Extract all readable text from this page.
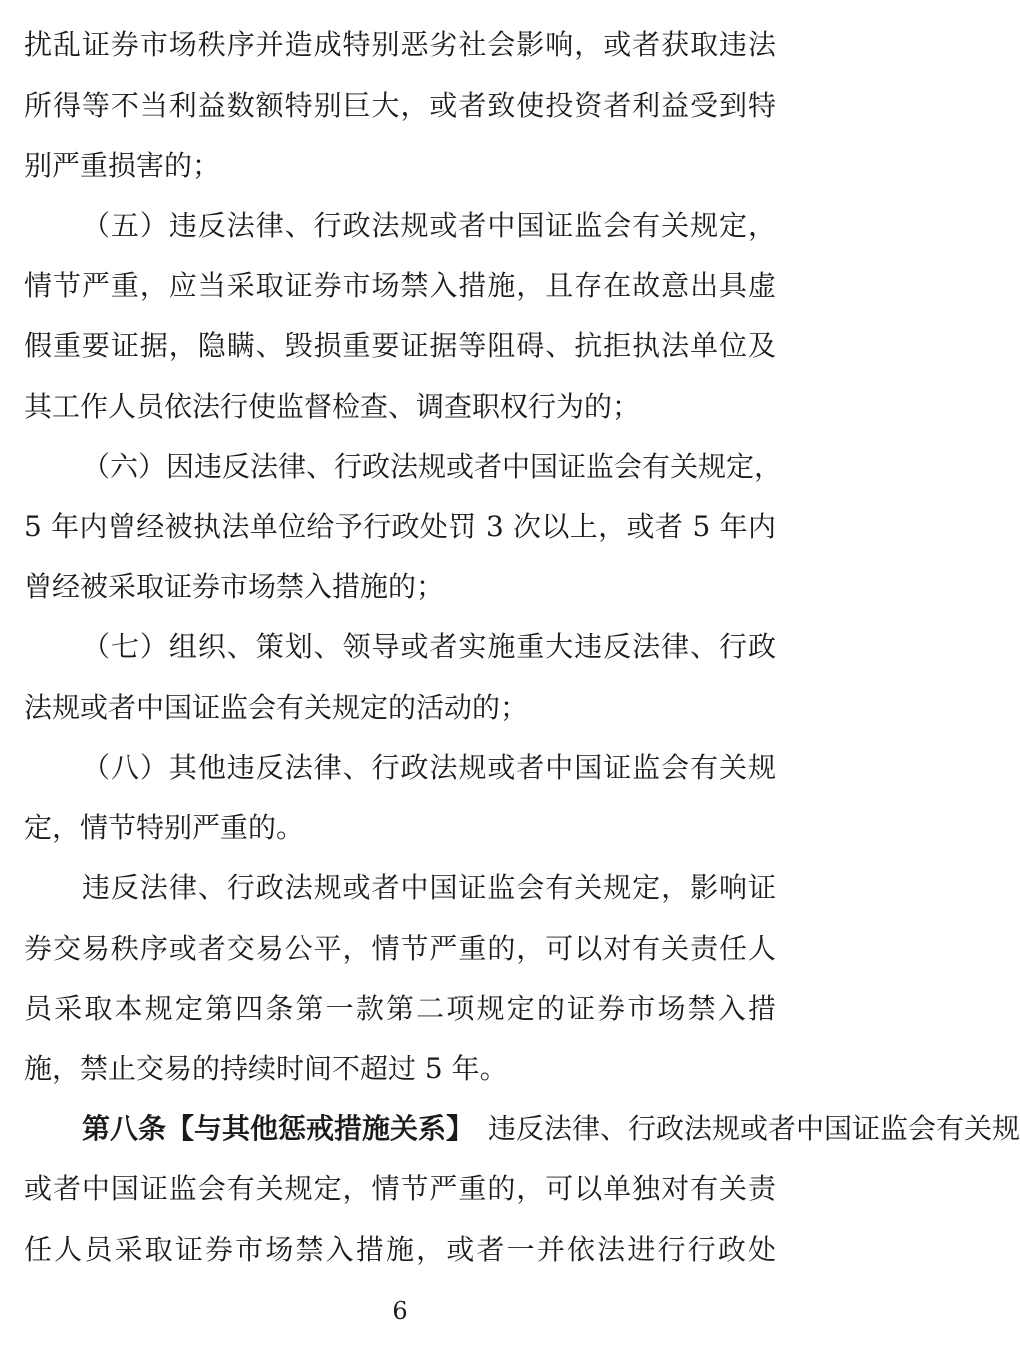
扰乱证券市场秩序并造成特别恶劣社会影响，或者获取违法
所得等不当利益数额特别巨大，或者致使投资者利益受到特
别严重损害的；
（五）违反法律、行政法规或者中国证监会有关规定，
情节严重，应当采取证券市场禁入措施，且存在故意出具虚
假重要证据，隐瞒、毁损重要证据等阻碍、抗拒执法单位及
其工作人员依法行使监督检查、调查职权行为的；
（六）因违反法律、行政法规或者中国证监会有关规定，
5 年内曾经被执法单位给予行政处罚 3 次以上，或者 5 年内
曾经被采取证券市场禁入措施的；
（七）组织、策划、领导或者实施重大违反法律、行政
法规或者中国证监会有关规定的活动的；
（八）其他违反法律、行政法规或者中国证监会有关规
定，情节特别严重的。
违反法律、行政法规或者中国证监会有关规定，影响证
券交易秩序或者交易公平，情节严重的，可以对有关责任人
员采取本规定第四条第一款第二项规定的证券市场禁入措
施，禁止交易的持续时间不超过 5 年。
第八条【与其他惩戒措施关系】 违反法律、行政法规或者中国证监会有关规
或者中国证监会有关规定，情节严重的，可以单独对有关责
任人员采取证券市场禁入措施，或者一并依法进行行政处
6
